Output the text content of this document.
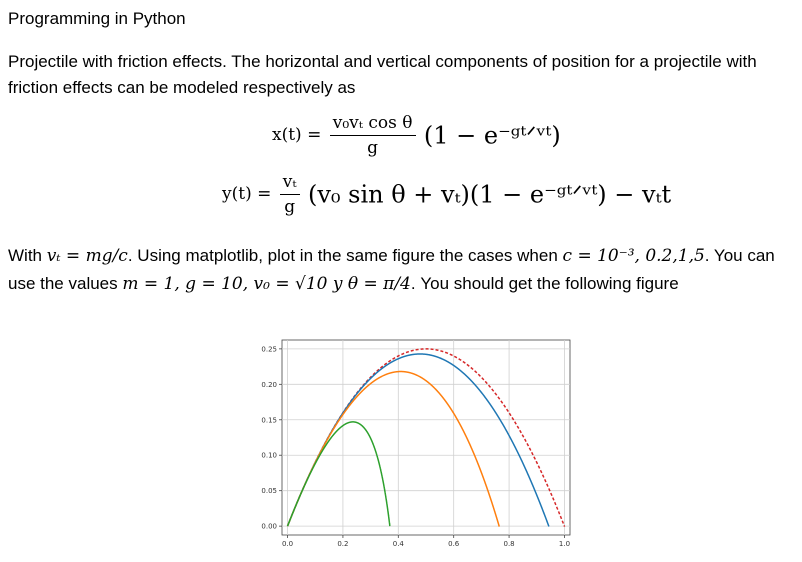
Programming in Python
Projectile with friction effects. The horizontal and vertical components of position for a projectile with friction effects can be modeled respectively as
$x(t) = \frac{\text{v₀vₜ cos θ}}{g} (1$ − e⁻ᵍᵗᐟᵛᵗ)
$y(t) = \frac{\text{vₜ}}{g} (v_0$ sin θ + vₜ)(1 − e⁻ᵍᵗᐟᵛᵗ) − vₜt
With vₜ = mg/c. Using matplotlib, plot in the same figure the cases when c = 10⁻³, 0.2,1,5. You can use the values m = 1, g = 10, v₀ = √10 y θ = π/4. You should get the following figure
0.00
0.05
0.10
0.15
0.20
0.25
0.0	0.2	0.4	0.6	0.8	1.0
